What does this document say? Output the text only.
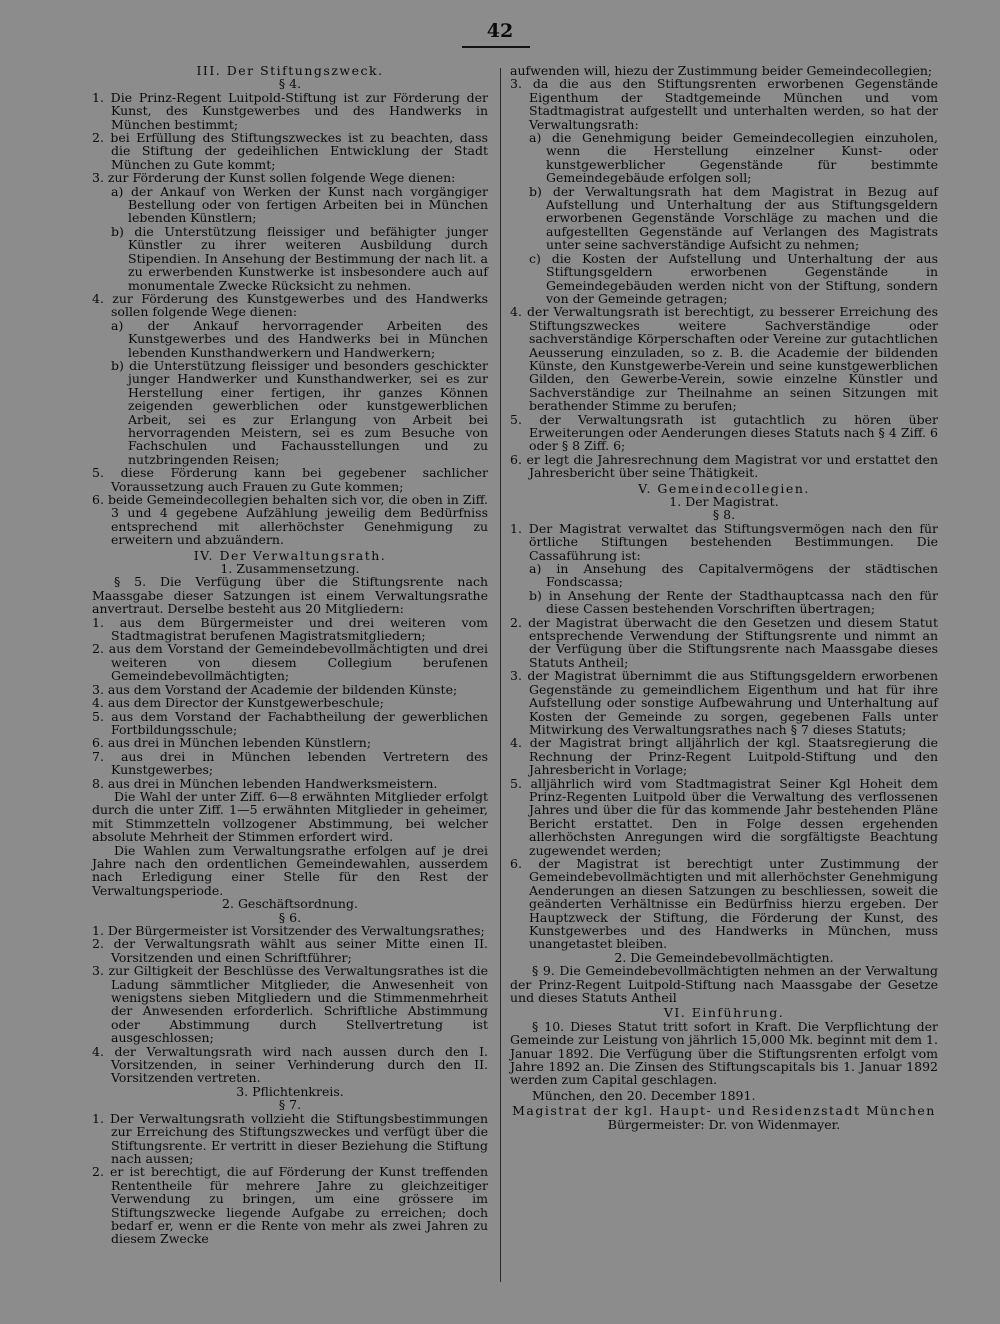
42

III. Der Stiftungszweck.

§ 4.

1. Die Prinz-Regent Luitpold-Stiftung ist zur Förderung der Kunst, des Kunstgewerbes und des Handwerks in München bestimmt;

2. bei Erfüllung des Stiftungszweckes ist zu beachten, dass die Stiftung der gedeihlichen Entwicklung der Stadt München zu Gute kommt;

3. zur Förderung der Kunst sollen folgende Wege dienen:

a) der Ankauf von Werken der Kunst nach vorgängiger Bestellung oder von fertigen Arbeiten bei in München lebenden Künstlern;

b) die Unterstützung fleissiger und befähigter junger Künstler zu ihrer weiteren Ausbildung durch Stipendien. In Ansehung der Bestimmung der nach lit. a zu erwerbenden Kunstwerke ist insbesondere auch auf monumentale Zwecke Rücksicht zu nehmen.

4. zur Förderung des Kunstgewerbes und des Handwerks sollen folgende Wege dienen:

a) der Ankauf hervorragender Arbeiten des Kunstgewerbes und des Handwerks bei in München lebenden Kunsthandwerkern und Handwerkern;

b) die Unterstützung fleissiger und besonders geschickter junger Handwerker und Kunsthandwerker, sei es zur Herstellung einer fertigen, ihr ganzes Können zeigenden gewerblichen oder kunstgewerblichen Arbeit, sei es zur Erlangung von Arbeit bei hervorragenden Meistern, sei es zum Besuche von Fachschulen und Fachausstellungen und zu nutzbringenden Reisen;

5. diese Förderung kann bei gegebener sachlicher Voraussetzung auch Frauen zu Gute kommen;

6. beide Gemeindecollegien behalten sich vor, die oben in Ziff. 3 und 4 gegebene Aufzählung jeweilig dem Bedürfniss entsprechend mit allerhöchster Genehmigung zu erweitern und abzuändern.

IV. Der Verwaltungsrath.

1. Zusammensetzung.

§ 5. Die Verfügung über die Stiftungsrente nach Maassgabe dieser Satzungen ist einem Verwaltungsrathe anvertraut. Derselbe besteht aus 20 Mitgliedern:

1. aus dem Bürgermeister und drei weiteren vom Stadtmagistrat berufenen Magistratsmitgliedern;

2. aus dem Vorstand der Gemeindebevollmächtigten und drei weiteren von diesem Collegium berufenen Gemeindebevollmächtigten;

3. aus dem Vorstand der Academie der bildenden Künste;

4. aus dem Director der Kunstgewerbeschule;

5. aus dem Vorstand der Fachabtheilung der gewerblichen Fortbildungsschule;

6. aus drei in München lebenden Künstlern;

7. aus drei in München lebenden Vertretern des Kunstgewerbes;

8. aus drei in München lebenden Handwerksmeistern.

Die Wahl der unter Ziff. 6—8 erwähnten Mitglieder erfolgt durch die unter Ziff. 1—5 erwähnten Mitglieder in geheimer, mit Stimmzetteln vollzogener Abstimmung, bei welcher absolute Mehrheit der Stimmen erfordert wird.

Die Wahlen zum Verwaltungsrathe erfolgen auf je drei Jahre nach den ordentlichen Gemeindewahlen, ausserdem nach Erledigung einer Stelle für den Rest der Verwaltungsperiode.

2. Geschäftsordnung.

§ 6.

1. Der Bürgermeister ist Vorsitzender des Verwaltungsrathes;

2. der Verwaltungsrath wählt aus seiner Mitte einen II. Vorsitzenden und einen Schriftführer;

3. zur Giltigkeit der Beschlüsse des Verwaltungsrathes ist die Ladung sämmtlicher Mitglieder, die Anwesenheit von wenigstens sieben Mitgliedern und die Stimmenmehrheit der Anwesenden erforderlich. Schriftliche Abstimmung oder Abstimmung durch Stellvertretung ist ausgeschlossen;

4. der Verwaltungsrath wird nach aussen durch den I. Vorsitzenden, in seiner Verhinderung durch den II. Vorsitzenden vertreten.

3. Pflichtenkreis.

§ 7.

1. Der Verwaltungsrath vollzieht die Stiftungsbestimmungen zur Erreichung des Stiftungszweckes und verfügt über die Stiftungsrente. Er vertritt in dieser Beziehung die Stiftung nach aussen;

2. er ist berechtigt, die auf Förderung der Kunst treffenden Rententheile für mehrere Jahre zu gleichzeitiger Verwendung zu bringen, um eine grössere im Stiftungszwecke liegende Aufgabe zu erreichen; doch bedarf er, wenn er die Rente von mehr als zwei Jahren zu diesem Zwecke

aufwenden will, hiezu der Zustimmung beider Gemeindecollegien;

3. da die aus den Stiftungsrenten erworbenen Gegenstände Eigenthum der Stadtgemeinde München und vom Stadtmagistrat aufgestellt und unterhalten werden, so hat der Verwaltungsrath:

a) die Genehmigung beider Gemeindecollegien einzuholen, wenn die Herstellung einzelner Kunst- oder kunstgewerblicher Gegenstände für bestimmte Gemeindegebäude erfolgen soll;

b) der Verwaltungsrath hat dem Magistrat in Bezug auf Aufstellung und Unterhaltung der aus Stiftungsgeldern erworbenen Gegenstände Vorschläge zu machen und die aufgestellten Gegenstände auf Verlangen des Magistrats unter seine sachverständige Aufsicht zu nehmen;

c) die Kosten der Aufstellung und Unterhaltung der aus Stiftungsgeldern erworbenen Gegenstände in Gemeindegebäuden werden nicht von der Stiftung, sondern von der Gemeinde getragen;

4. der Verwaltungsrath ist berechtigt, zu besserer Erreichung des Stiftungszweckes weitere Sachverständige oder sachverständige Körperschaften oder Vereine zur gutachtlichen Aeusserung einzuladen, so z. B. die Academie der bildenden Künste, den Kunstgewerbe-Verein und seine kunstgewerblichen Gilden, den Gewerbe-Verein, sowie einzelne Künstler und Sachverständige zur Theilnahme an seinen Sitzungen mit berathender Stimme zu berufen;

5. der Verwaltungsrath ist gutachtlich zu hören über Erweiterungen oder Aenderungen dieses Statuts nach § 4 Ziff. 6 oder § 8 Ziff. 6;

6. er legt die Jahresrechnung dem Magistrat vor und erstattet den Jahresbericht über seine Thätigkeit.

V. Gemeindecollegien.

1. Der Magistrat.

§ 8.

1. Der Magistrat verwaltet das Stiftungsvermögen nach den für örtliche Stiftungen bestehenden Bestimmungen. Die Cassaführung ist:

a) in Ansehung des Capitalvermögens der städtischen Fondscassa;

b) in Ansehung der Rente der Stadthauptcassa nach den für diese Cassen bestehenden Vorschriften übertragen;

2. der Magistrat überwacht die den Gesetzen und diesem Statut entsprechende Verwendung der Stiftungsrente und nimmt an der Verfügung über die Stiftungsrente nach Maassgabe dieses Statuts Antheil;

3. der Magistrat übernimmt die aus Stiftungsgeldern erworbenen Gegenstände zu gemeindlichem Eigenthum und hat für ihre Aufstellung oder sonstige Aufbewahrung und Unterhaltung auf Kosten der Gemeinde zu sorgen, gegebenen Falls unter Mitwirkung des Verwaltungsrathes nach § 7 dieses Statuts;

4. der Magistrat bringt alljährlich der kgl. Staatsregierung die Rechnung der Prinz-Regent Luitpold-Stiftung und den Jahresbericht in Vorlage;

5. alljährlich wird vom Stadtmagistrat Seiner Kgl Hoheit dem Prinz-Regenten Luitpold über die Verwaltung des verflossenen Jahres und über die für das kommende Jahr bestehenden Pläne Bericht erstattet. Den in Folge dessen ergehenden allerhöchsten Anregungen wird die sorgfältigste Beachtung zugewendet werden;

6. der Magistrat ist berechtigt unter Zustimmung der Gemeindebevollmächtigten und mit allerhöchster Genehmigung Aenderungen an diesen Satzungen zu beschliessen, soweit die geänderten Verhältnisse ein Bedürfniss hierzu ergeben. Der Hauptzweck der Stiftung, die Förderung der Kunst, des Kunstgewerbes und des Handwerks in München, muss unangetastet bleiben.

2. Die Gemeindebevollmächtigten.

§ 9. Die Gemeindebevollmächtigten nehmen an der Verwaltung der Prinz-Regent Luitpold-Stiftung nach Maassgabe der Gesetze und dieses Statuts Antheil

VI. Einführung.

§ 10. Dieses Statut tritt sofort in Kraft. Die Verpflichtung der Gemeinde zur Leistung von jährlich 15,000 Mk. beginnt mit dem 1. Januar 1892. Die Verfügung über die Stiftungsrenten erfolgt vom Jahre 1892 an. Die Zinsen des Stiftungscapitals bis 1. Januar 1892 werden zum Capital geschlagen.

München, den 20. December 1891.

Magistrat der kgl. Haupt- und Residenzstadt München

Bürgermeister: Dr. von Widenmayer.
